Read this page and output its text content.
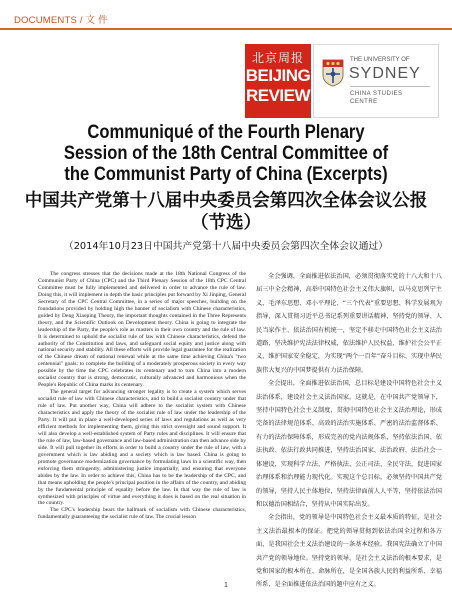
DOCUMENTS / 文 件
北京周报
BEIJING
REVIEW
THE UNIVERSITY OF
SYDNEY
CHINA STUDIES
CENTRE
Communiqué of the Fourth Plenary Session of the 18th Central Committee of the Communist Party of China (Excerpts)
中国共产党第十八届中央委员会第四次全体会议公报（节选）
（2014年10月23日中国共产党第十八届中央委员会第四次全体会议通过）

The congress stresses that the decisions made at the 18th National Congress of the Communist Party of China (CPC) and the Third Plenary Session of the 18th CPC Central Committee must be fully implemented and delivered in order to advance the rule of law. Doing this, it will implement in depth the basic principles put forward by Xi Jinping, General Secretary of the CPC Central Committee, in a series of major speeches, building on the foundations provided by holding high the banner of socialism with Chinese characteristics, guided by Deng Xiaoping Theory, the important thoughts contained in the Three Represents theory, and the Scientific Outlook on Development theory. China is going to integrate the leadership of the Party, the people's role as masters in their own country and the rule of law. It is determined to uphold the socialist rule of law with Chinese characteristics, defend the authority of the Constitution and laws, and safeguard social equity and justice along with national security and stability. All these efforts will provide legal guarantee for the realization of the Chinese dream of national renewal while at the same time achieving China's "two centennial" goals: to complete the building of a moderately prosperous society in every way possible by the time the CPC celebrates its centenary and to turn China into a modern socialist country that is strong, democratic, culturally advanced and harmonious when the People's Republic of China marks its centenary.

The general target for advancing stronger legality is to create a system which serves socialist rule of law with Chinese characteristics, and to build a socialist country under that rule of law. Put another way, China will adhere to the socialist system with Chinese characteristics and apply the theory of the socialist rule of law under the leadership of the Party. It will put in place a well-developed series of laws and regulations as well as very efficient methods for implementing them, giving this strict oversight and sound support. It will also develop a well-established system of Party rules and disciplines. It will ensure that the rule of law, law-based governance and law-based administration can then advance side by side. It will pull together its efforts in order to build a country under the rule of law, with a government which is law abiding and a society which is law based. China is going to promote governance modernization governance by formulating laws in a scientific way, then enforcing them stringently, administering justice impartially, and ensuring that everyone abides by the law. In order to achieve this, China has to be the leadership of the CPC, and that means upholding the people's principal position in the affairs of the country, and abiding by the fundamental principle of equality before the law. In that way the rule of law is synthesized with principles of virtue and everything it does is based on the real situation in the country.

The CPC's leadership bears the hallmark of socialism with Chinese characteristics, fundamentally guaranteeing the socialist rule of law. The crucial lesson

全会强调，全面推进依法治国，必须贯彻落实党的十八大和十八届三中全会精神，高举中国特色社会主义伟大旗帜，以马克思列宁主义、毛泽东思想、邓小平理论、“三个代表”重要思想、科学发展观为指导，深入贯彻习近平总书记系列重要讲话精神，坚持党的领导、人民当家作主、依法治国有机统一，坚定不移走中国特色社会主义法治道路，坚决维护宪法法律权威，依法维护人民权益、维护社会公平正义、维护国家安全稳定，为实现“两个一百年”奋斗目标、实现中华民族伟大复兴的中国梦提供有力法治保障。

全会提出，全面推进依法治国，总目标是建设中国特色社会主义法治体系，建设社会主义法治国家。这就是，在中国共产党领导下，坚持中国特色社会主义制度，贯彻中国特色社会主义法治理论，形成完备的法律规范体系、高效的法治实施体系、严密的法治监督体系、有力的法治保障体系，形成完善的党内法规体系，坚持依法治国、依法执政、依法行政共同推进，坚持法治国家、法治政府、法治社会一体建设，实现科学立法、严格执法、公正司法、全民守法，促进国家治理体系和治理能力现代化。实现这个总目标，必须坚持中国共产党的领导，坚持人民主体地位，坚持法律面前人人平等，坚持依法治国和以德治国相结合，坚持从中国实际出发。

全会指出，党的领导是中国特色社会主义最本质的特征，是社会主义法治最根本的保证。把党的领导贯彻到依法治国全过程和各方面，是我国社会主义法治建设的一条基本经验。我国宪法确立了中国共产党的领导地位。坚持党的领导，是社会主义法治的根本要求，是党和国家的根本所在、命脉所在，是全国各族人民的利益所系、幸福所系，是全面推进依法治国的题中应有之义。

1
